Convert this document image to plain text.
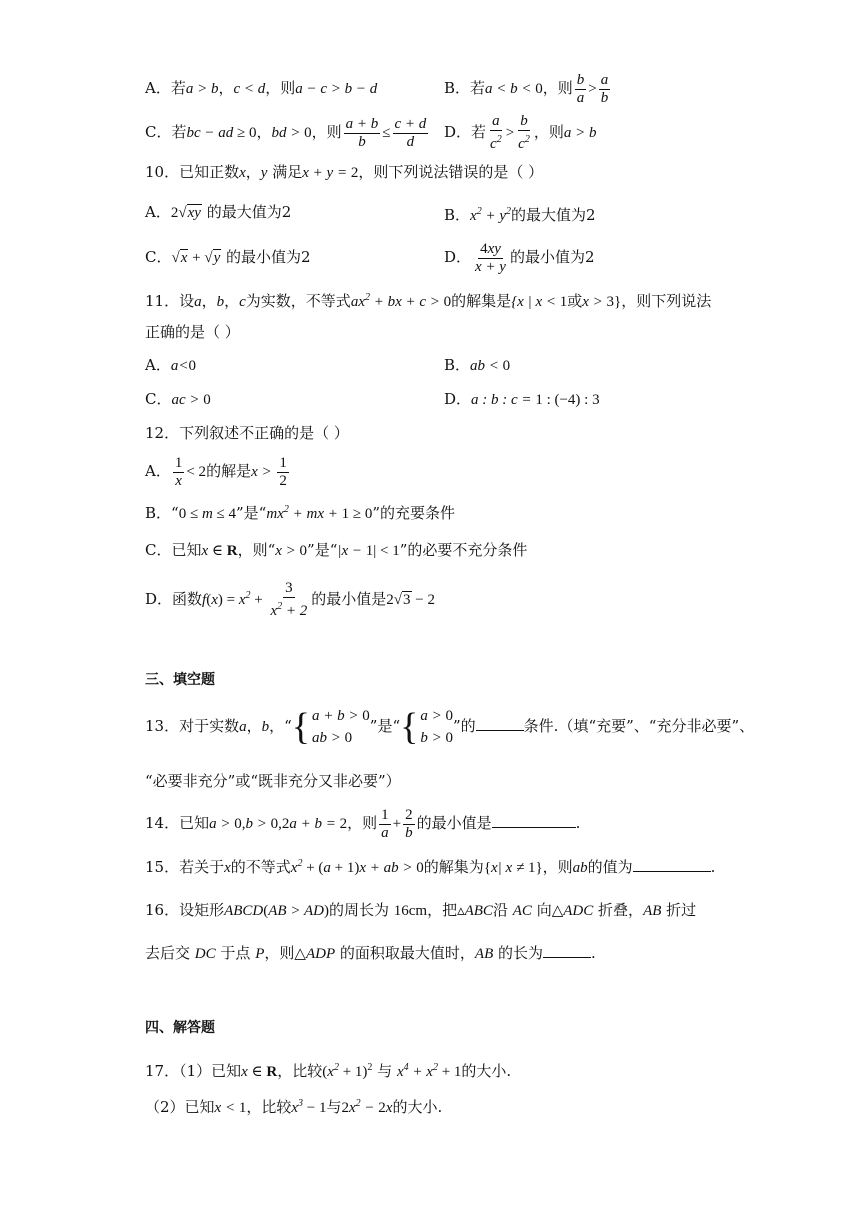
A．若a > b，c < d，则a − c > b − d	B．若a < b < 0，则 $\frac{b}{a} > \frac{a}{b}$
C．若bc − ad ≥ 0，bd > 0，则 $\frac{a + b}{b} \le \frac{c + d}{d}$ D．若 $\frac{a}{c^2} > \frac{b}{c^2}$ ，则a > b
10．已知正数x，y 满足x + y = 2，则下列说法错误的是（ ）
A．2√xy 的最大值为2	B．$x^2 + y^2$的最大值为2
C．√x + √y 的最小值为2	D． $\frac{4xy}{x + y}$ 的最小值为2
11．设a，b，c为实数，不等式$ax^2$ + bx + c > 0的解集是{x | x < 1或x > 3}，则下列说法
正确的是（ ）
A．a<0	B．ab < 0
C．ac > 0	D．a : b : c = 1 : (−4) : 3
12．下列叙述不正确的是（ ）
A． $\frac{1}{x} < 2$的解是$x > \frac{1}{2}$
B．“0 ≤ m ≤ 4”是“$mx^2$ + mx + 1 ≥ 0”的充要条件
C．已知x ∈ R，则“x > 0”是“|x − 1| < 1”的必要不充分条件
D．函数$f(x) = x^2 + \frac{3}{x^2 + 2}$ 的最小值是2√3 − 2
三、填空题
13．对于实数a，b，“ { a + b > 0
ab > 0
”是“ { a > 0
b > 0
”的	条件.（填“充要”、“充分非必要”、
“必要非充分”或“既非充分又非必要”）
14．已知a > 0,b > 0,2a + b = 2，则 $\frac{1}{a} + \frac{2}{b}$ 的最小值是	.
15．若关于x的不等式$x^2 + (a + 1)x$ + ab > 0的解集为{x| x ≠ 1}，则ab的值为	.
16．设矩形ABCD(AB > AD)的周长为 16cm，把▵ABC沿 AC 向△ADC 折叠，AB 折过
去后交 DC 于点 P，则△ADP 的面积取最大值时，AB 的长为	.
四、解答题
17．（1）已知x ∈ R，比较$(x^2 + 1)^2$ 与 $x^4 + x^2 + 1$的大小.
（2）已知x < 1，比较$x^3 - 1$与$2x^2 - 2x$的大小.
